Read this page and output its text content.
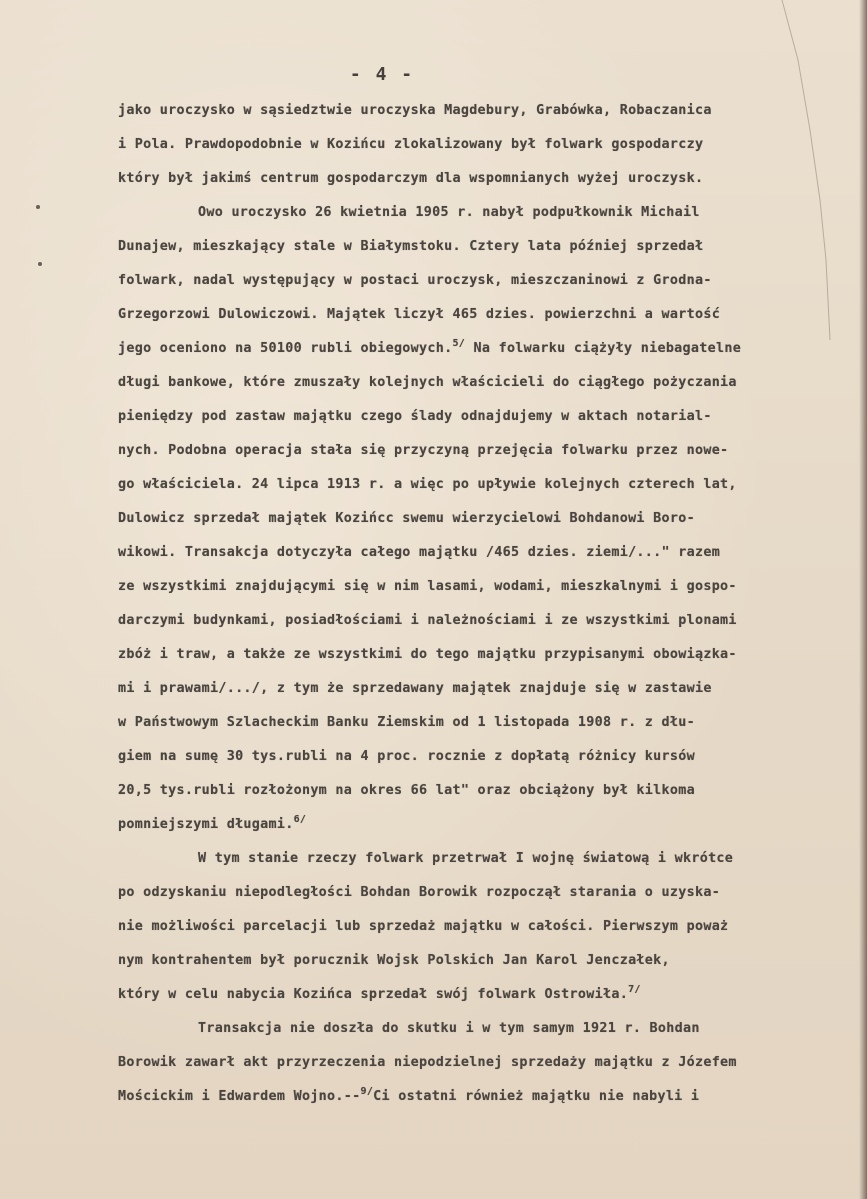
- 4 -
jako uroczysko w sąsiedztwie uroczyska Magdebury, Grabówka, Robaczanica
i Pola. Prawdopodobnie w Kozińcu zlokalizowany był folwark gospodarczy
który był jakimś centrum gospodarczym dla wspomnianych wyżej uroczysk.
Owo uroczysko 26 kwietnia 1905 r. nabył podpułkownik Michail
Dunajew, mieszkający stale w Białymstoku. Cztery lata później sprzedał
folwark, nadal występujący w postaci uroczysk, mieszczaninowi z Grodna-
Grzegorzowi Dulowiczowi. Majątek liczył 465 dzies. powierzchni a wartość
jego oceniono na 50100 rubli obiegowych.$^{5/}$ Na folwarku ciążyły niebagatelne
długi bankowe, które zmuszały kolejnych właścicieli do ciągłego pożyczania
pieniędzy pod zastaw majątku czego ślady odnajdujemy w aktach notarial-
nych. Podobna operacja stała się przyczyną przejęcia folwarku przez nowe-
go właściciela. 24 lipca 1913 r. a więc po upływie kolejnych czterech lat,
Dulowicz sprzedał majątek Kozińcc swemu wierzycielowi Bohdanowi Boro-
wikowi. Transakcja dotyczyła całego majątku /465 dzies. ziemi/..." razem
ze wszystkimi znajdującymi się w nim lasami, wodami, mieszkalnymi i gospo-
darczymi budynkami, posiadłościami i należnościami i ze wszystkimi plonami
zbóż i traw, a także ze wszystkimi do tego majątku przypisanymi obowiązka-
mi i prawami/.../, z tym że sprzedawany majątek znajduje się w zastawie
w Państwowym Szlacheckim Banku Ziemskim od 1 listopada 1908 r. z dłu-
giem na sumę 30 tys.rubli na 4 proc. rocznie z dopłatą różnicy kursów
20,5 tys.rubli rozłożonym na okres 66 lat" oraz obciążony był kilkoma
pomniejszymi długami.$^{6/}$
W tym stanie rzeczy folwark przetrwał I wojnę światową i wkrótce
po odzyskaniu niepodległości Bohdan Borowik rozpoczął starania o uzyska-
nie możliwości parcelacji lub sprzedaż majątku w całości. Pierwszym poważ
nym kontrahentem był porucznik Wojsk Polskich Jan Karol Jenczałek,
który w celu nabycia Kozińca sprzedał swój folwark Ostrowiła.$^{7/}$
Transakcja nie doszła do skutku i w tym samym 1921 r. Bohdan
Borowik zawarł akt przyrzeczenia niepodzielnej sprzedaży majątku z Józefem
Mościckim i Edwardem Wojno.--$^{9/}$Ci ostatni również majątku nie nabyli i
